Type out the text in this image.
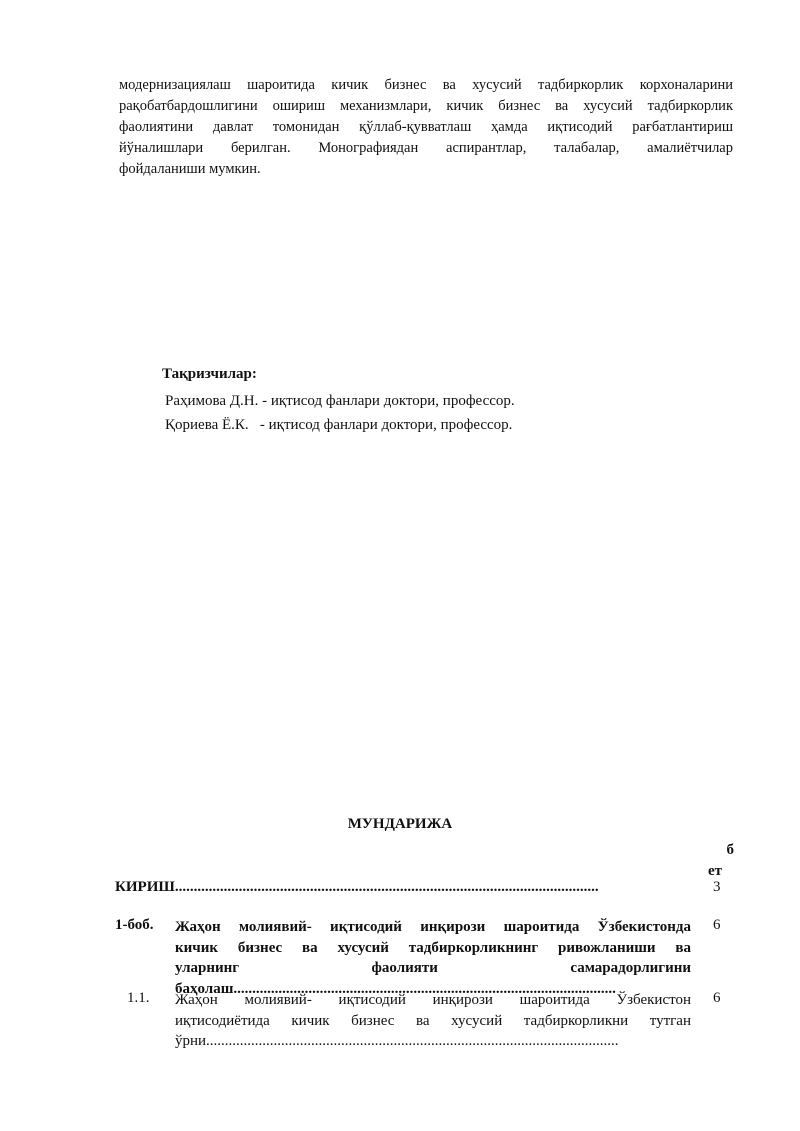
модернизациялаш шароитида кичик бизнес ва хусусий тадбиркорлик корхоналарини
рақобатбардошлигини ошириш механизмлари, кичик бизнес ва хусусий тадбиркорлик
фаолиятини давлат томонидан қўллаб-қувватлаш ҳамда иқтисодий рағбатлантириш
йўналишлари берилган. Монографиядан аспирантлар, талабалар, амалиётчилар
фойдаланиши мумкин.
Тақризчилар:
Раҳимова Д.Н. - иқтисод фанлари доктори, профессор.
Қориева Ё.К.   - иқтисод фанлари доктори, профессор.
МУНДАРИЖА
б
ет
КИРИШ.................................................................................................................	3
1-боб. Жаҳон молиявий- иқтисодий инқирози шароитида Ўзбекистонда
кичик бизнес ва хусусий тадбиркорликнинг ривожланиши ва
уларнинг фаолияти самарадорлигини
баҳолаш......................................................................................................
6
1.1. Жаҳон молиявий- иқтисодий инқирози шароитида Ўзбекистон
иқтисодиётида кичик бизнес ва хусусий тадбиркорликни тутган
ўрни..............................................................................................................
6
